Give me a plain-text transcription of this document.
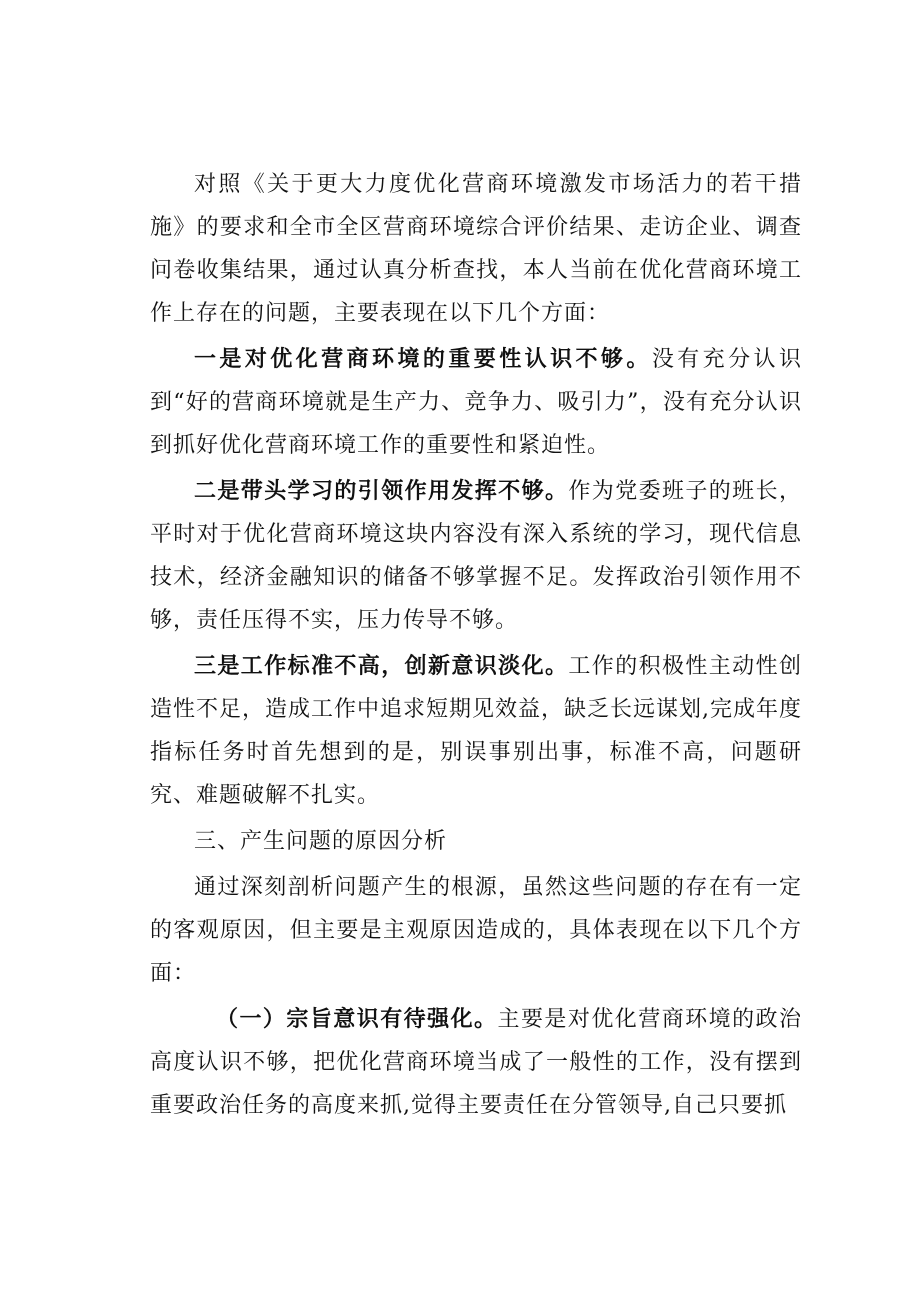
对照《关于更大力度优化营商环境激发市场活力的若干措施》的要求和全市全区营商环境综合评价结果、走访企业、调查问卷收集结果，通过认真分析查找，本人当前在优化营商环境工作上存在的问题，主要表现在以下几个方面：

一是对优化营商环境的重要性认识不够。没有充分认识到“好的营商环境就是生产力、竞争力、吸引力”，没有充分认识到抓好优化营商环境工作的重要性和紧迫性。

二是带头学习的引领作用发挥不够。作为党委班子的班长，平时对于优化营商环境这块内容没有深入系统的学习，现代信息技术，经济金融知识的储备不够掌握不足。发挥政治引领作用不够，责任压得不实，压力传导不够。

三是工作标准不高，创新意识淡化。工作的积极性主动性创造性不足，造成工作中追求短期见效益，缺乏长远谋划,完成年度指标任务时首先想到的是，别误事别出事，标准不高，问题研究、难题破解不扎实。

三、产生问题的原因分析

通过深刻剖析问题产生的根源，虽然这些问题的存在有一定的客观原因，但主要是主观原因造成的，具体表现在以下几个方面：

（一）宗旨意识有待强化。主要是对优化营商环境的政治高度认识不够，把优化营商环境当成了一般性的工作，没有摆到重要政治任务的高度来抓,觉得主要责任在分管领导,自己只要抓
